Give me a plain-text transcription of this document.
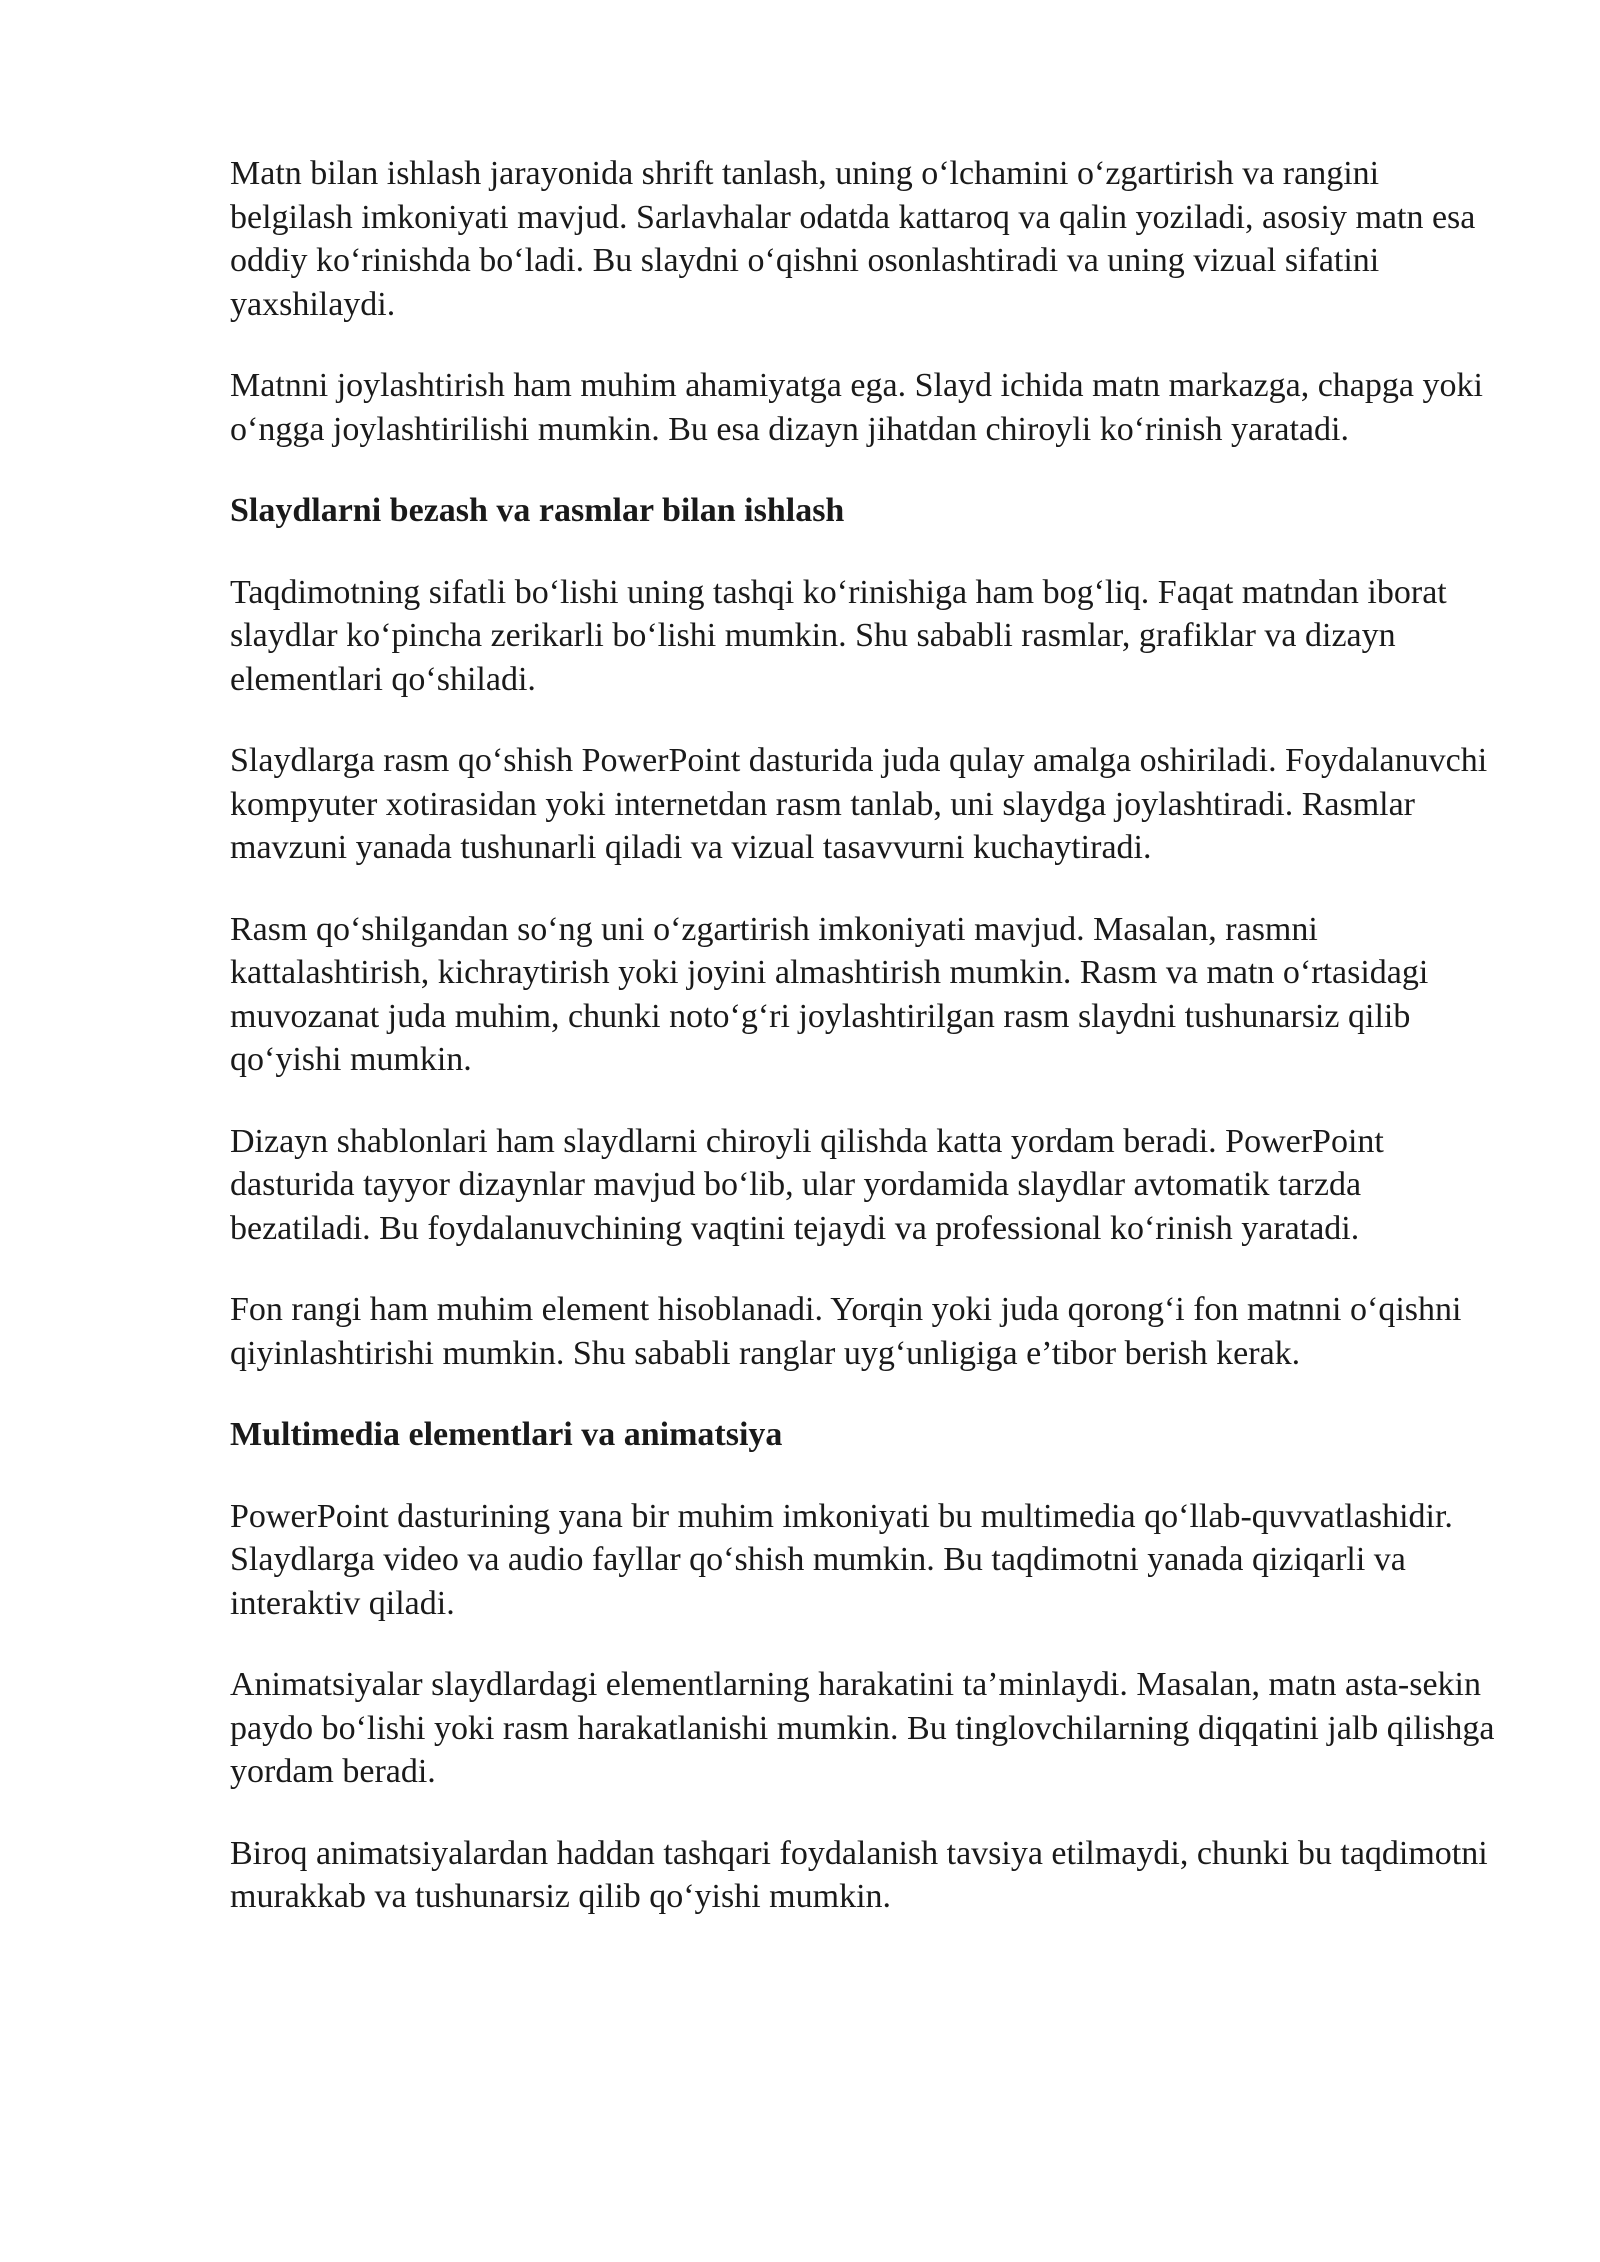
Matn bilan ishlash jarayonida shrift tanlash, uning o‘lchamini o‘zgartirish va rangini belgilash imkoniyati mavjud. Sarlavhalar odatda kattaroq va qalin yoziladi, asosiy matn esa oddiy ko‘rinishda bo‘ladi. Bu slaydni o‘qishni osonlashtiradi va uning vizual sifatini yaxshilaydi.

Matnni joylashtirish ham muhim ahamiyatga ega. Slayd ichida matn markazga, chapga yoki o‘ngga joylashtirilishi mumkin. Bu esa dizayn jihatdan chiroyli ko‘rinish yaratadi.

Slaydlarni bezash va rasmlar bilan ishlash

Taqdimotning sifatli bo‘lishi uning tashqi ko‘rinishiga ham bog‘liq. Faqat matndan iborat slaydlar ko‘pincha zerikarli bo‘lishi mumkin. Shu sababli rasmlar, grafiklar va dizayn elementlari qo‘shiladi.

Slaydlarga rasm qo‘shish PowerPoint dasturida juda qulay amalga oshiriladi. Foydalanuvchi kompyuter xotirasidan yoki internetdan rasm tanlab, uni slaydga joylashtiradi. Rasmlar mavzuni yanada tushunarli qiladi va vizual tasavvurni kuchaytiradi.

Rasm qo‘shilgandan so‘ng uni o‘zgartirish imkoniyati mavjud. Masalan, rasmni kattalashtirish, kichraytirish yoki joyini almashtirish mumkin. Rasm va matn o‘rtasidagi muvozanat juda muhim, chunki noto‘g‘ri joylashtirilgan rasm slaydni tushunarsiz qilib qo‘yishi mumkin.

Dizayn shablonlari ham slaydlarni chiroyli qilishda katta yordam beradi. PowerPoint dasturida tayyor dizaynlar mavjud bo‘lib, ular yordamida slaydlar avtomatik tarzda bezatiladi. Bu foydalanuvchining vaqtini tejaydi va professional ko‘rinish yaratadi.

Fon rangi ham muhim element hisoblanadi. Yorqin yoki juda qorong‘i fon matnni o‘qishni qiyinlashtirishi mumkin. Shu sababli ranglar uyg‘unligiga e’tibor berish kerak.

Multimedia elementlari va animatsiya

PowerPoint dasturining yana bir muhim imkoniyati bu multimedia qo‘llab-quvvatlashidir. Slaydlarga video va audio fayllar qo‘shish mumkin. Bu taqdimotni yanada qiziqarli va interaktiv qiladi.

Animatsiyalar slaydlardagi elementlarning harakatini ta’minlaydi. Masalan, matn asta-sekin paydo bo‘lishi yoki rasm harakatlanishi mumkin. Bu tinglovchilarning diqqatini jalb qilishga yordam beradi.

Biroq animatsiyalardan haddan tashqari foydalanish tavsiya etilmaydi, chunki bu taqdimotni murakkab va tushunarsiz qilib qo‘yishi mumkin.
